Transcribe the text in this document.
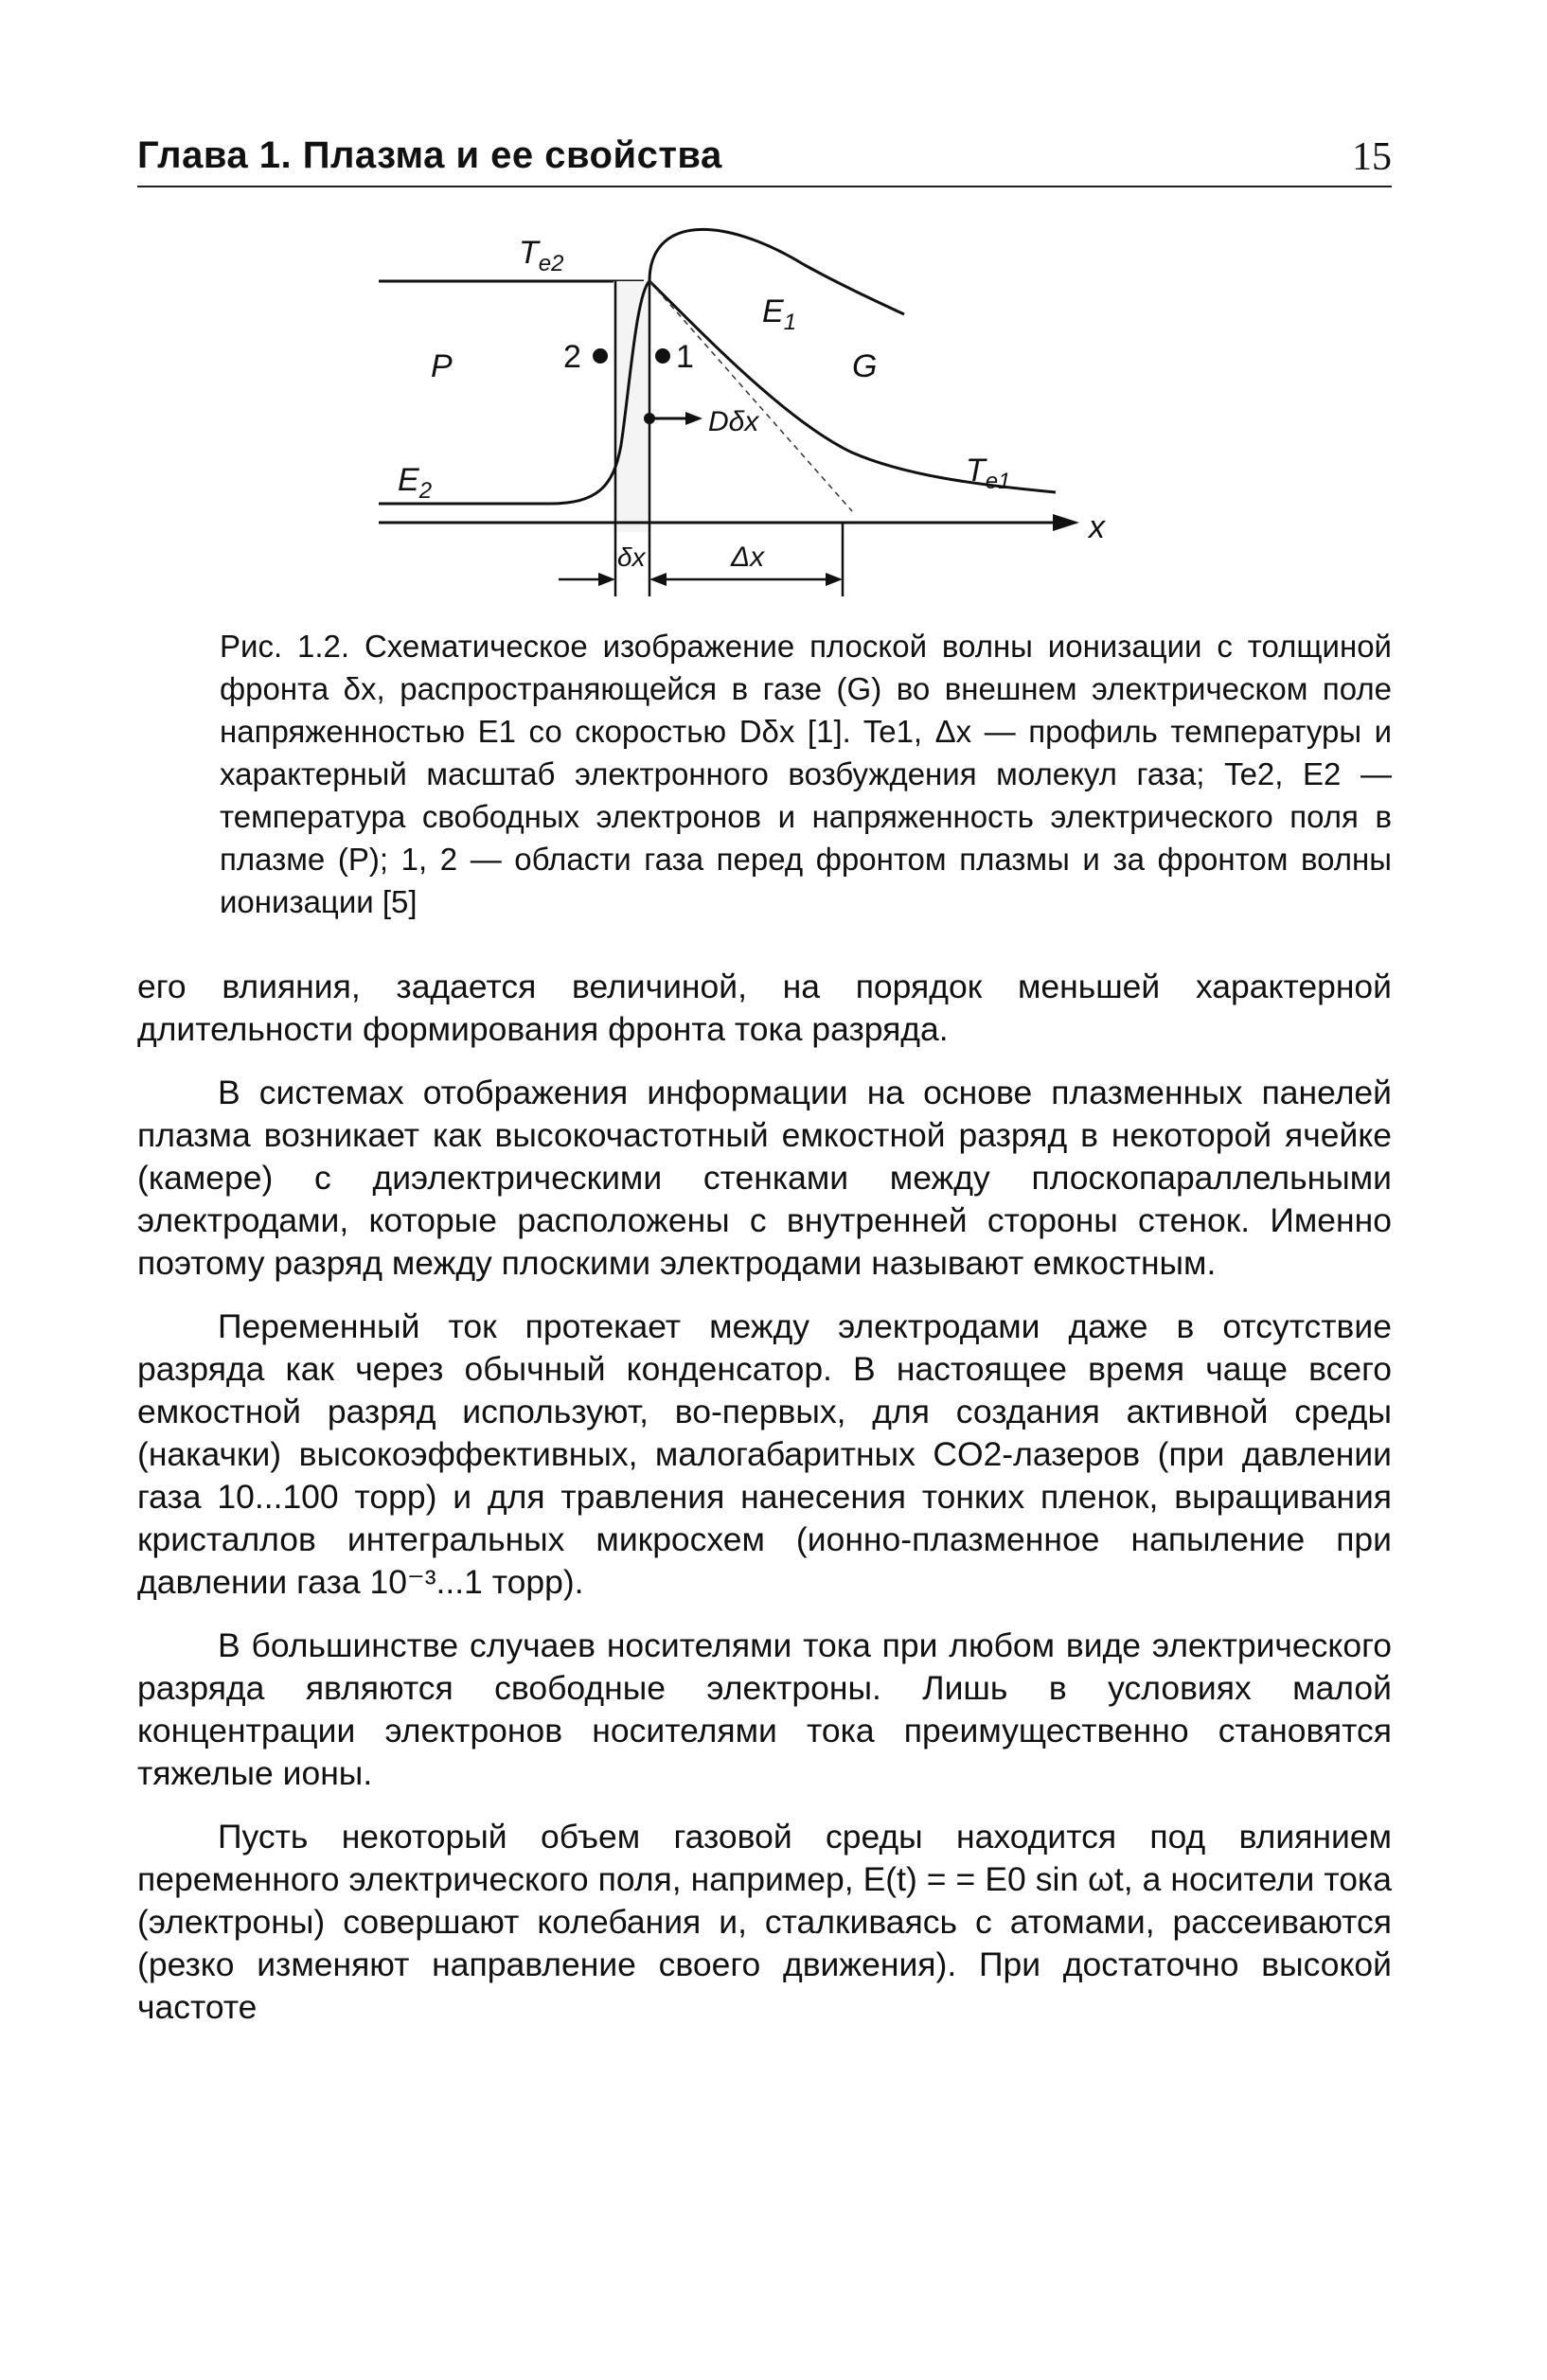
Глава 1. Плазма и ее свойства	15
$T_{e2}$
$E_1$
P	G
2	1
Dδx
$E_2$
$T_{e1}$
x
δx	Δx
Рис. 1.2. Схематическое изображение плоской волны ионизации с толщиной фронта δx, распространяющейся в газе (G) во внешнем электрическом поле напряженностью E1 со скоростью Dδx [1]. Te1, Δx — профиль температуры и характерный масштаб электронного возбуждения молекул газа; Te2, E2 — температура свободных электронов и напряженность электрического поля в плазме (P); 1, 2 — области газа перед фронтом плазмы и за фронтом волны ионизации [5]

его влияния, задается величиной, на порядок меньшей характерной длительности формирования фронта тока разряда.

В системах отображения информации на основе плазменных панелей плазма возникает как высокочастотный емкостной разряд в некоторой ячейке (камере) с диэлектрическими стенками между плоскопараллельными электродами, которые расположены с внутренней стороны стенок. Именно поэтому разряд между плоскими электродами называют емкостным.

Переменный ток протекает между электродами даже в отсутствие разряда как через обычный конденсатор. В настоящее время чаще всего емкостной разряд используют, во-первых, для создания активной среды (накачки) высокоэффективных, малогабаритных CO2-лазеров (при давлении газа 10...100 торр) и для травления нанесения тонких пленок, выращивания кристаллов интегральных микросхем (ионно-плазменное напыление при давлении газа 10⁻³...1 торр).

В большинстве случаев носителями тока при любом виде электрического разряда являются свободные электроны. Лишь в условиях малой концентрации электронов носителями тока преимущественно становятся тяжелые ионы.

Пусть некоторый объем газовой среды находится под влиянием переменного электрического поля, например, E(t) = = E0 sin ωt, а носители тока (электроны) совершают колебания и, сталкиваясь с атомами, рассеиваются (резко изменяют направление своего движения). При достаточно высокой частоте
